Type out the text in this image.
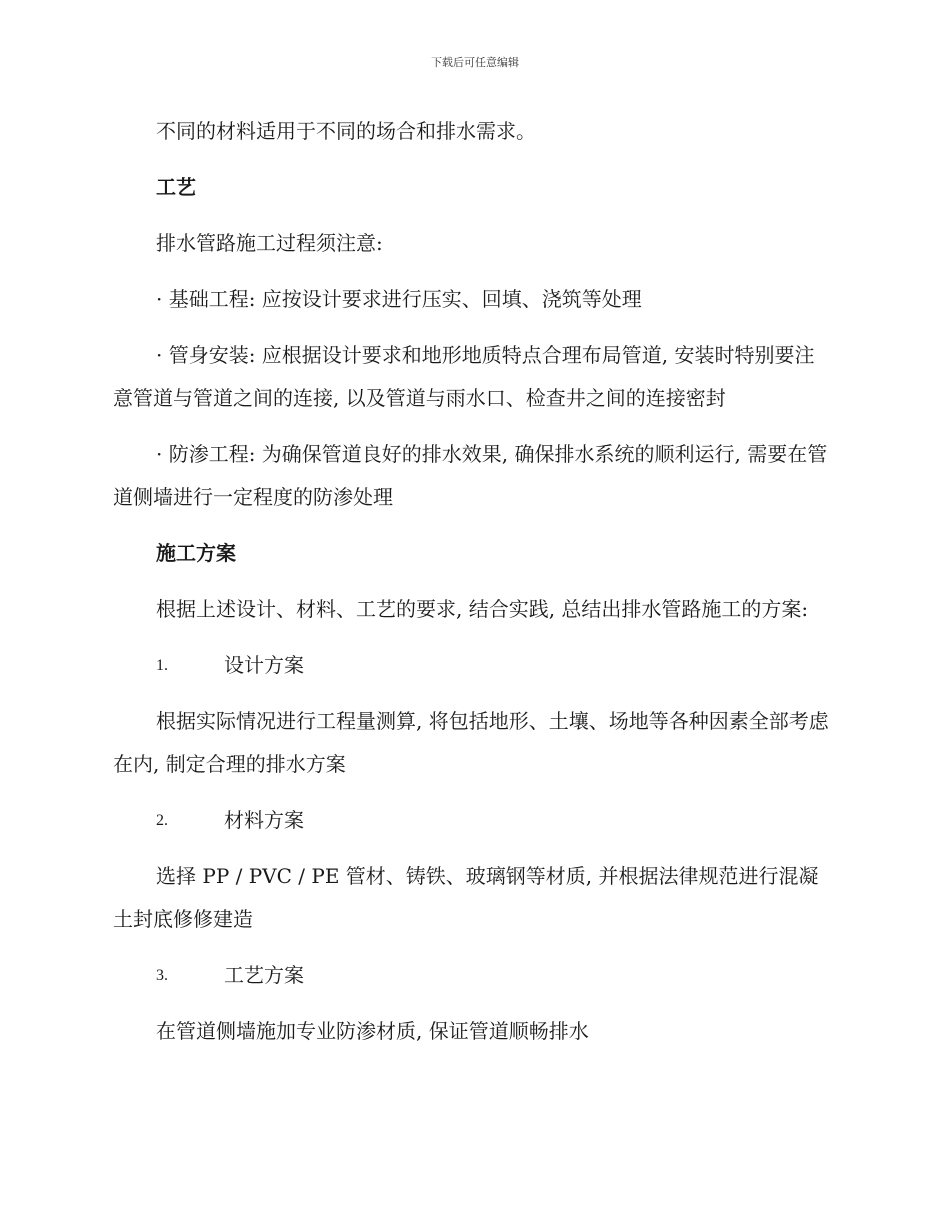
下载后可任意编辑

不同的材料适用于不同的场合和排水需求。

工艺

排水管路施工过程须注意:

· 基础工程: 应按设计要求进行压实、回填、浇筑等处理

· 管身安装: 应根据设计要求和地形地质特点合理布局管道, 安装时特别要注意管道与管道之间的连接, 以及管道与雨水口、检查井之间的连接密封

· 防渗工程: 为确保管道良好的排水效果, 确保排水系统的顺利运行, 需要在管道侧墙进行一定程度的防渗处理

施工方案

根据上述设计、材料、工艺的要求, 结合实践, 总结出排水管路施工的方案:

1.	设计方案

根据实际情况进行工程量测算, 将包括地形、土壤、场地等各种因素全部考虑在内, 制定合理的排水方案

2.	材料方案

选择 PP / PVC / PE 管材、铸铁、玻璃钢等材质, 并根据法律规范进行混凝土封底修修建造

3.	工艺方案

在管道侧墙施加专业防渗材质, 保证管道顺畅排水
